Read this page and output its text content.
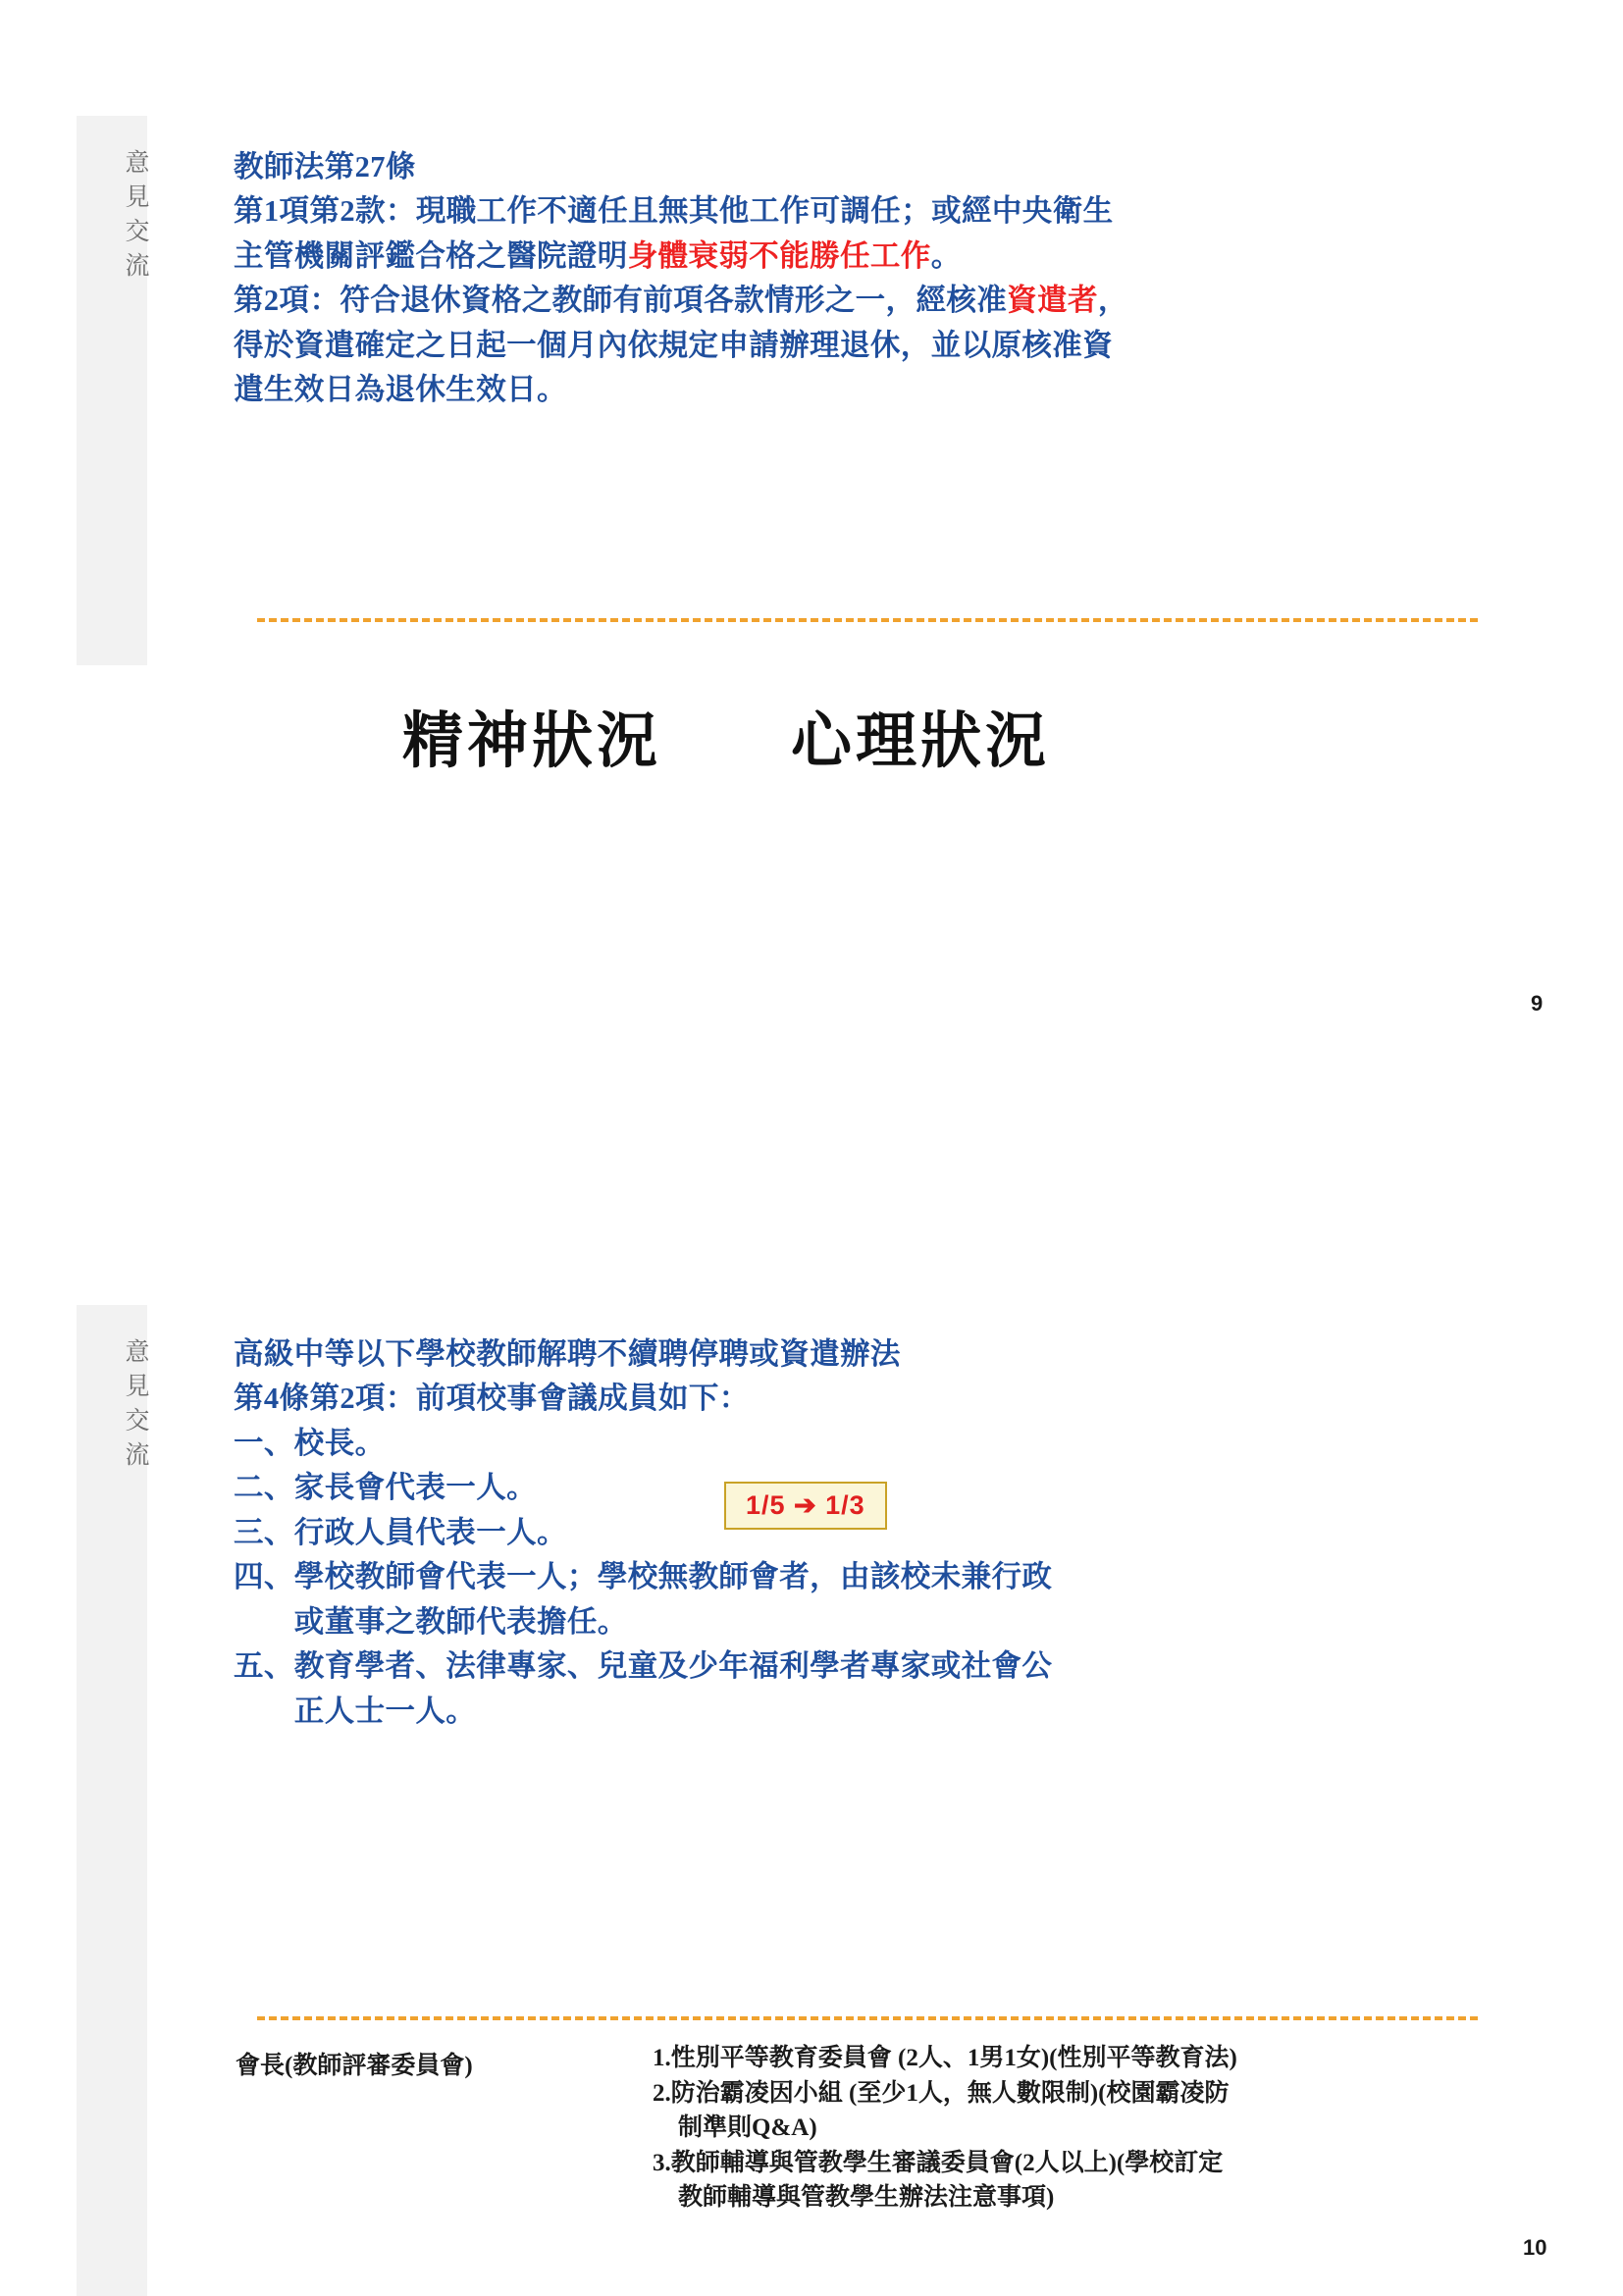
意見交流	教師法第27條
第1項第2款：現職工作不適任且無其他工作可調任；或經中央衛生
主管機關評鑑合格之醫院證明身體衰弱不能勝任工作。
第2項：符合退休資格之教師有前項各款情形之一，經核准資遣者，
得於資遣確定之日起一個月內依規定申請辦理退休，並以原核准資
遣生效日為退休生效日。
精神狀況　　心理狀況
9
意見交流	高級中等以下學校教師解聘不續聘停聘或資遣辦法
第4條第2項：前項校事會議成員如下：
一、校長。
二、家長會代表一人。
三、行政人員代表一人。
四、學校教師會代表一人；學校無教師會者，由該校未兼行政
　　或董事之教師代表擔任。
五、教育學者、法律專家、兒童及少年福利學者專家或社會公
　　正人士一人。
1/5 ➔ 1/3
會長(教師評審委員會)	1.性別平等教育委員會 (2人、1男1女)(性別平等教育法)
2.防治霸凌因小組 (至少1人，無人數限制)(校園霸凌防
制準則Q&A)
3.教師輔導與管教學生審議委員會(2人以上)(學校訂定
教師輔導與管教學生辦法注意事項)
10
